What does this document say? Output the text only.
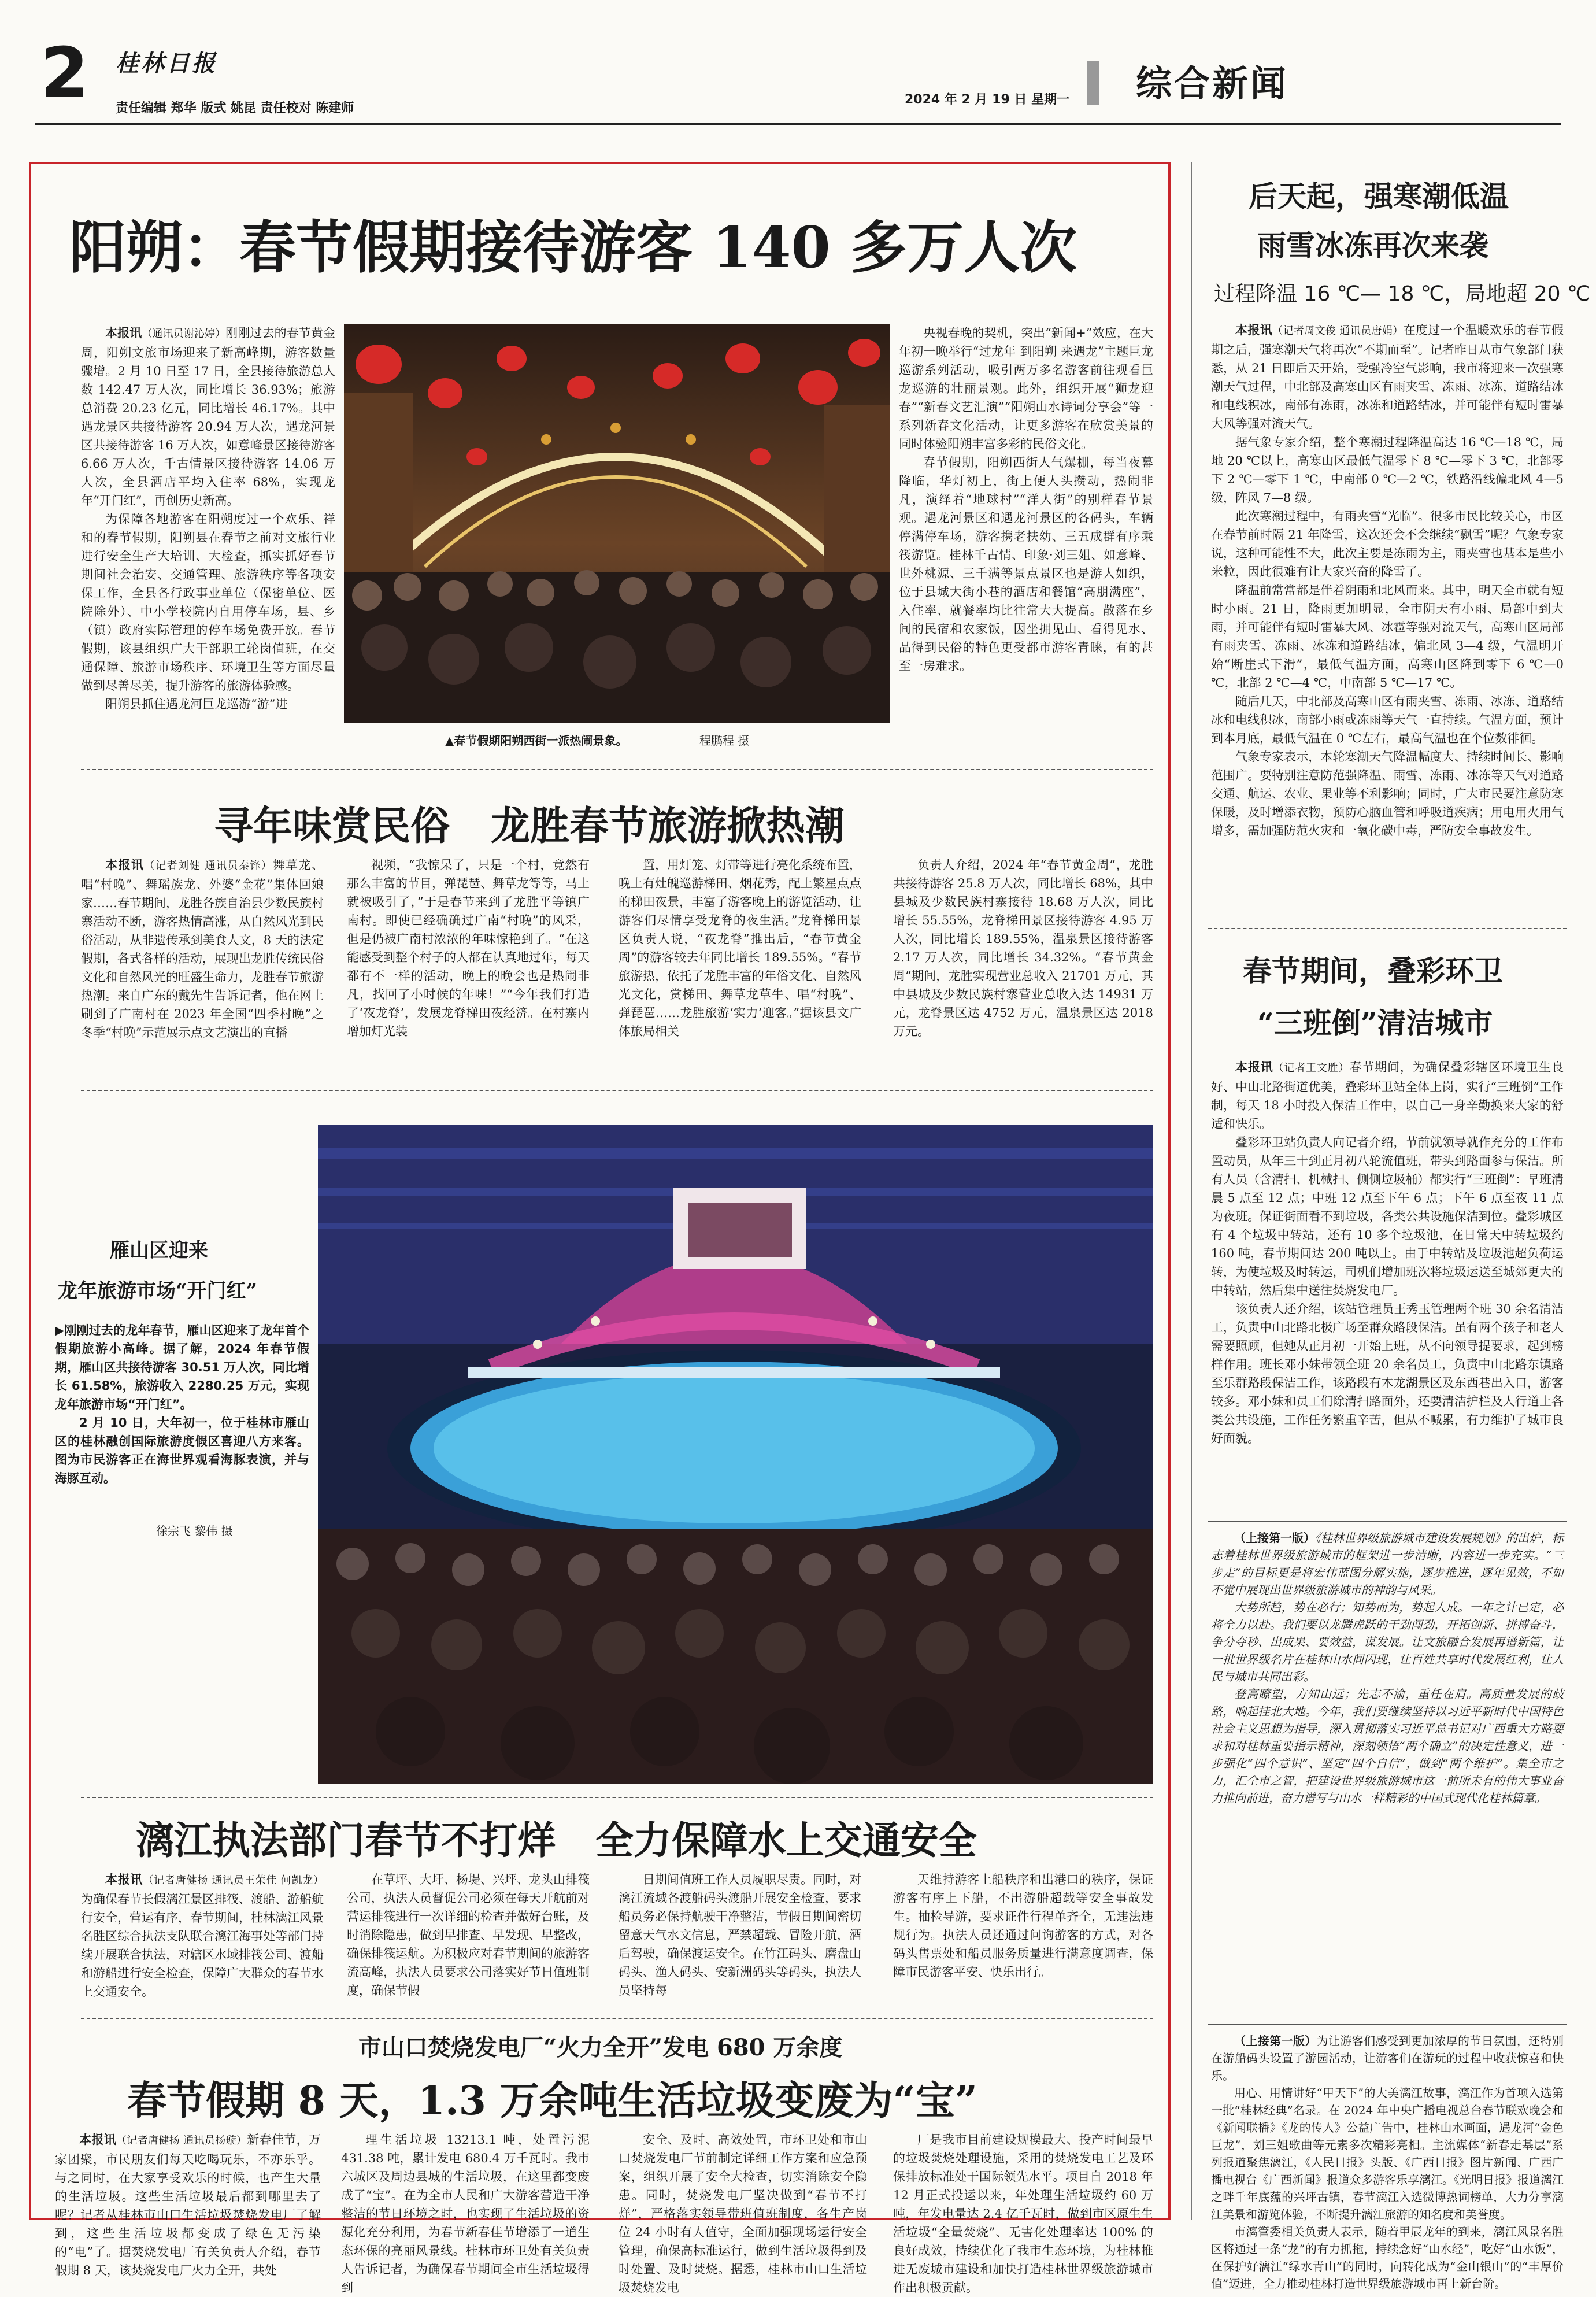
2 桂林日报
责任编辑 郑华 版式 姚昆 责任校对 陈建师
2024 年 2 月 19 日 星期一 综合新闻
阳朔：春节假期接待游客 140 多万人次

本报讯（通讯员谢沁婷）刚刚过去的春节黄金周，阳朔文旅市场迎来了新高峰期，游客数量骤增。2 月 10 日至 17 日，全县接待旅游总人数 142.47 万人次，同比增长 36.93%；旅游总消费 20.23 亿元，同比增长 46.17%。其中遇龙景区共接待游客 20.94 万人次，遇龙河景区共接待游客 16 万人次，如意峰景区接待游客 6.66 万人次，千古情景区接待游客 14.06 万人次，全县酒店平均入住率 68%，实现龙年“开门红”，再创历史新高。

为保障各地游客在阳朔度过一个欢乐、祥和的春节假期，阳朔县在春节之前对文旅行业进行安全生产大培训、大检查，抓实抓好春节期间社会治安、交通管理、旅游秩序等各项安保工作，全县各行政事业单位（保密单位、医院除外）、中小学校院内自用停车场，县、乡（镇）政府实际管理的停车场免费开放。春节假期，该县组织广大干部职工轮岗值班，在交通保障、旅游市场秩序、环境卫生等方面尽量做到尽善尽美，提升游客的旅游体验感。

阳朔县抓住遇龙河巨龙巡游“游”进

央视春晚的契机，突出“新闻+”效应，在大年初一晚举行“过龙年 到阳朔 来遇龙”主题巨龙巡游系列活动，吸引两万多名游客前往观看巨龙巡游的壮丽景观。此外，组织开展“狮龙迎春”“新春文艺汇演”“阳朔山水诗词分享会”等一系列新春文化活动，让更多游客在欣赏美景的同时体验阳朔丰富多彩的民俗文化。

春节假期，阳朔西街人气爆棚，每当夜幕降临，华灯初上，街上便人头攒动，热闹非凡，演绎着“地球村”“洋人街”的别样春节景观。遇龙河景区和遇龙河景区的各码头，车辆停满停车场，游客携老扶幼、三五成群有序乘筏游览。桂林千古情、印象·刘三姐、如意峰、世外桃源、三千满等景点景区也是游人如织，位于县城大街小巷的酒店和餐馆“高朋满座”，入住率、就餐率均比往常大大提高。散落在乡间的民宿和农家饭，因坐拥见山、看得见水、品得到民俗的特色更受都市游客青睐，有的甚至一房难求。

▲春节假期阳朔西街一派热闹景象。	程鹏程 摄
寻年味赏民俗   龙胜春节旅游掀热潮

本报讯（记者刘健 通讯员秦锋）舞草龙、唱“村晚”、舞瑶族龙、外婆“金花”集体回娘家……春节期间，龙胜各族自治县少数民族村寨活动不断，游客热情高涨，从自然风光到民俗活动，从非遗传承到美食人文，8 天的法定假期，各式各样的活动，展现出龙胜传统民俗文化和自然风光的旺盛生命力，龙胜春节旅游热潮。来自广东的戴先生告诉记者，他在网上刷到了广南村在 2023 年全国“四季村晚”之冬季“村晚”示范展示点文艺演出的直播

视频，“我惊呆了，只是一个村，竟然有那么丰富的节目，弹琵琶、舞草龙等等，马上就被吸引了，”于是春节来到了龙胜平等镇广南村。即使已经确确过广南“村晚”的风采，但是仍被广南村浓浓的年味惊艳到了。“在这能感受到整个村子的人都在认真地过年，每天都有不一样的活动，晚上的晚会也是热闹非凡，找回了小时候的年味！”“今年我们打造了‘夜龙脊’，发展龙脊梯田夜经济。在村寨内增加灯光装

置，用灯笼、灯带等进行亮化系统布置，晚上有灶魄巡游梯田、烟花秀，配上繁星点点的梯田夜景，丰富了游客晚上的游览活动，让游客们尽情享受龙脊的夜生活。”龙脊梯田景区负责人说，“夜龙脊”推出后，“春节黄金周”的游客较去年同比增长 189.55%。“春节旅游热，依托了龙胜丰富的年俗文化、自然风光文化，赏梯田、舞草龙草牛、唱“村晚”、弹琵琶……龙胜旅游‘实力’迎客。”据该县文广体旅局相关

负责人介绍，2024 年“春节黄金周”，龙胜共接待游客 25.8 万人次，同比增长 68%，其中县城及少数民族村寨接待 18.68 万人次，同比增长 55.55%，龙脊梯田景区接待游客 4.95 万人次，同比增长 189.55%，温泉景区接待游客 2.17 万人次，同比增长 34.32%。“春节黄金周”期间，龙胜实现营业总收入 21701 万元，其中县城及少数民族村寨营业总收入达 14931 万元，龙脊景区达 4752 万元，温泉景区达 2018 万元。

雁山区迎来
龙年旅游市场“开门红”

▶刚刚过去的龙年春节，雁山区迎来了龙年首个假期旅游小高峰。据了解，2024 年春节假期，雁山区共接待游客 30.51 万人次，同比增长 61.58%，旅游收入 2280.25 万元，实现龙年旅游市场“开门红”。

2 月 10 日，大年初一，位于桂林市雁山区的桂林融创国际旅游度假区喜迎八方来客。图为市民游客正在海世界观看海豚表演，并与海豚互动。

徐宗飞 黎伟 摄
漓江执法部门春节不打烊   全力保障水上交通安全

本报讯（记者唐健扬 通讯员王荣佳 何凯龙）为确保春节长假漓江景区排筏、渡船、游船航行安全，营运有序，春节期间，桂林漓江风景名胜区综合执法支队联合漓江海事处等部门持续开展联合执法，对辖区水域排筏公司、渡船和游船进行安全检查，保障广大群众的春节水上交通安全。

在草坪、大圩、杨堤、兴坪、龙头山排筏公司，执法人员督促公司必须在每天开航前对营运排筏进行一次详细的检查并做好台账，及时消除隐患，做到早排查、早发现、早整改，确保排筏运航。为积极应对春节期间的旅游客流高峰，执法人员要求公司落实好节日值班制度，确保节假

日期间值班工作人员履职尽责。同时，对漓江流域各渡船码头渡船开展安全检查，要求船员务必保持航驶干净整洁，节假日期间密切留意天气水文信息，严禁超载、冒险开航，酒后驾驶，确保渡运安全。在竹江码头、磨盘山码头、渔人码头、安新洲码头等码头，执法人员坚持每

天维持游客上船秩序和出港口的秩序，保证游客有序上下船，不出游船超载等安全事故发生。抽检导游，要求证件行程单齐全，无违法违规行为。执法人员还通过问询游客的方式，对各码头售票处和船员服务质量进行满意度调查，保障市民游客平安、快乐出行。

市山口焚烧发电厂“火力全开”发电 680 万余度
春节假期 8 天，1.3 万余吨生活垃圾变废为“宝”

本报讯（记者唐健扬 通讯员杨璇）新春佳节，万家团聚，市民朋友们每天吃喝玩乐，不亦乐乎。与之同时，在大家享受欢乐的时候，也产生大量的生活垃圾。这些生活垃圾最后都到哪里去了呢？记者从桂林市山口生活垃圾焚烧发电厂了解到，这些生活垃圾都变成了绿色无污染的“电”了。据焚烧发电厂有关负责人介绍，春节假期 8 天，该焚烧发电厂火力全开，共处

理生活垃圾 13213.1 吨，处置污泥 431.38 吨，累计发电 680.4 万千瓦时。我市六城区及周边县城的生活垃圾，在这里都变废成了“宝”。在为全市人民和广大游客营造干净整洁的节日环境之时，也实现了生活垃圾的资源化充分利用，为春节新春佳节增添了一道生态环保的亮丽风景线。桂林市环卫处有关负责人告诉记者，为确保春节期间全市生活垃圾得到

安全、及时、高效处置，市环卫处和市山口焚烧发电厂节前制定详细工作方案和应急预案，组织开展了安全大检查，切实消除安全隐患。同时，焚烧发电厂坚决做到“春节不打烊”，严格落实领导带班值班制度，各生产岗位 24 小时有人值守，全面加强现场运行安全管理，确保高标准运行，做到生活垃圾得到及时处置、及时焚烧。据悉，桂林市山口生活垃圾焚烧发电

厂是我市目前建设规模最大、投产时间最早的垃圾焚烧处理设施，采用的焚烧发电工艺及环保排放标准处于国际领先水平。项目自 2018 年 12 月正式投运以来，年处理生活垃圾约 60 万吨，年发电量达 2.4 亿千瓦时，做到市区原生生活垃圾“全量焚烧”、无害化处理率达 100% 的良好成效，持续优化了我市生态环境，为桂林推进无废城市建设和加快打造桂林世界级旅游城市作出积极贡献。

后天起，强寒潮低温
雨雪冰冻再次来袭
过程降温 16 ℃— 18 ℃，局地超 20 ℃

本报讯（记者周文俊 通讯员唐娟）在度过一个温暖欢乐的春节假期之后，强寒潮天气将再次“不期而至”。记者昨日从市气象部门获悉，从 21 日即后天开始，受强冷空气影响，我市将迎来一次强寒潮天气过程，中北部及高寒山区有雨夹雪、冻雨、冰冻，道路结冰和电线积冰，南部有冻雨，冰冻和道路结冰，并可能伴有短时雷暴大风等强对流天气。

据气象专家介绍，整个寒潮过程降温高达 16 ℃—18 ℃，局地 20 ℃以上，高寒山区最低气温零下 8 ℃—零下 3 ℃，北部零下 2 ℃—零下 1 ℃，中南部 0 ℃—2 ℃，铁路沿线偏北风 4—5 级，阵风 7—8 级。

此次寒潮过程中，有雨夹雪“光临”。很多市民比较关心，市区在春节前时隔 21 年降雪，这次还会不会继续“飘雪”呢？气象专家说，这种可能性不大，此次主要是冻雨为主，雨夹雪也基本是些小米粒，因此很难有让大家兴奋的降雪了。

降温前常常都是伴着阴雨和北风而来。其中，明天全市就有短时小雨。21 日，降雨更加明显，全市阴天有小雨、局部中到大雨，并可能伴有短时雷暴大风、冰雹等强对流天气，高寒山区局部有雨夹雪、冻雨、冰冻和道路结冰，偏北风 3—4 级，气温明开始“断崖式下滑”，最低气温方面，高寒山区降到零下 6 ℃—0 ℃，北部 2 ℃—4 ℃，中南部 5 ℃—17 ℃。

随后几天，中北部及高寒山区有雨夹雪、冻雨、冰冻、道路结冰和电线积冰，南部小雨或冻雨等天气一直持续。气温方面，预计到本月底，最低气温在 0 ℃左右，最高气温也在个位数徘徊。

气象专家表示，本轮寒潮天气降温幅度大、持续时间长、影响范围广。要特别注意防范强降温、雨雪、冻雨、冰冻等天气对道路交通、航运、农业、果业等不利影响；同时，广大市民要注意防寒保暖，及时增添衣物，预防心脑血管和呼吸道疾病；用电用火用气增多，需加强防范火灾和一氧化碳中毒，严防安全事故发生。

春节期间，叠彩环卫
“三班倒”清洁城市

本报讯（记者王文胜）春节期间，为确保叠彩辖区环境卫生良好、中山北路街道优美，叠彩环卫站全体上岗，实行“三班倒”工作制，每天 18 小时投入保洁工作中，以自己一身辛勤换来大家的舒适和快乐。

叠彩环卫站负责人向记者介绍，节前就领导就作充分的工作布置动员，从年三十到正月初八轮流值班，带头到路面参与保洁。所有人员（含清扫、机械扫、侧侧垃圾桶）都实行“三班倒”：早班清晨 5 点至 12 点；中班 12 点至下午 6 点；下午 6 点至夜 11 点为夜班。保证街面看不到垃圾，各类公共设施保洁到位。叠彩城区有 4 个垃圾中转站，还有 10 多个垃圾池，在日常天中转垃圾约 160 吨，春节期间达 200 吨以上。由于中转站及垃圾池超负荷运转，为使垃圾及时转运，司机们增加班次将垃圾运送至城郊更大的中转站，然后集中送往焚烧发电厂。

该负责人还介绍，该站管理员王秀玉管理两个班 30 余名清洁工，负责中山北路北极广场至群众路段保洁。虽有两个孩子和老人需要照顾，但她从正月初一开始上班，从不向领导提要求，起到榜样作用。班长邓小妹带领全班 20 余名员工，负责中山北路东镇路至乐群路段保洁工作，该路段有木龙湖景区及东西巷出入口，游客较多。邓小妹和员工们除清扫路面外，还要清洁护栏及人行道上各类公共设施，工作任务繁重辛苦，但从不喊累，有力维护了城市良好面貌。

（上接第一版）《桂林世界级旅游城市建设发展规划》的出炉，标志着桂林世界级旅游城市的框架进一步清晰，内容进一步充实。“三步走”的目标更是将宏伟蓝图分解实施，逐步推进，逐年见效，不如不觉中展现出世界级旅游城市的神韵与风采。

大势所趋，势在必行；知势而为，势起人成。一年之计已定，必将全力以赴。我们要以龙腾虎跃的干劲闯劲，开拓创新、拼搏奋斗，争分夺秒、出成果、要效益，谋发展。让文旅融合发展再谱新篇，让一批世界级名片在桂林山水间闪现，让百姓共享时代发展红利，让人民与城市共同出彩。

登高瞭望，方知山远；先志不渝，重任在肩。高质量发展的歧路，响起挂北大地。今年，我们要继续坚持以习近平新时代中国特色社会主义思想为指导，深入贯彻落实习近平总书记对广西重大方略要求和对桂林重要指示精神，深刻领悟“两个确立”的决定性意义，进一步强化“四个意识”、坚定“四个自信”，做到“两个维护”。集全市之力，汇全市之智，把建设世界级旅游城市这一前所未有的伟大事业奋力推向前进，奋力谱写与山水一样精彩的中国式现代化桂林篇章。

（上接第一版）为让游客们感受到更加浓厚的节日氛围，还特别在游船码头设置了游园活动，让游客们在游玩的过程中收获惊喜和快乐。

用心、用情讲好“甲天下”的大美漓江故事，漓江作为首项入选第一批“桂林经典”名录。在 2024 年中央广播电视总台春节联欢晚会和《新闻联播》《龙的传人》公益广告中，桂林山水画面，遇龙河“金色巨龙”，刘三姐歌曲等元素多次精彩亮相。主流媒体“新春走基层”系列报道聚焦漓江，《人民日报》头版、《广西日报》图片新闻、广西广播电视台《广西新闻》报道众多游客乐享漓江。《光明日报》报道漓江之畔千年底蕴的兴坪古镇，春节漓江入选微博热词榜单，大力分享漓江美景和游览体验，不断提升漓江旅游的知名度和美誉度。

市漓管委相关负责人表示，随着甲辰龙年的到来，漓江风景名胜区将通过一条“龙”的有力抓拖，持续念好“山水经”，吃好“山水饭”，在保护好漓江“绿水青山”的同时，向转化成为“金山银山”的“丰厚价值”迈进，全力推动桂林打造世界级旅游城市再上新台阶。
